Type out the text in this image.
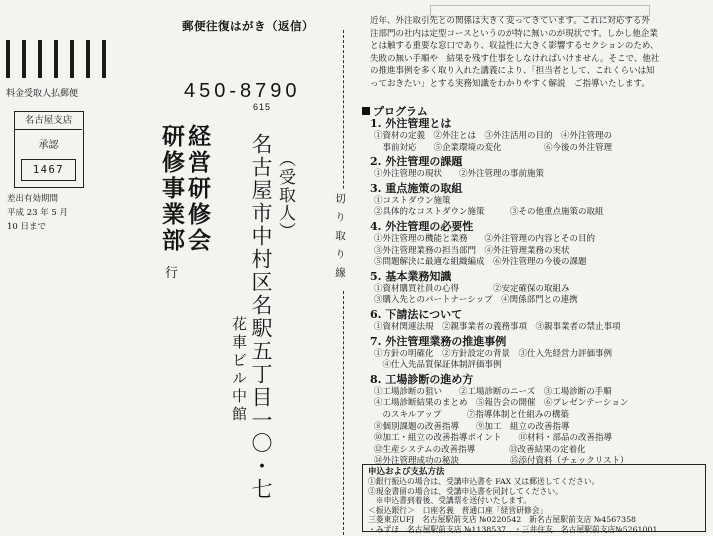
郵便往復はがき（返信）
料金受取人払郵便
名古屋支店
承認
1467
差出有効期間
平成 23 年 5 月
10 日まで
450-8790
615
経営研修会
研修事業部
行
（受取人）
名古屋市中村区名駅五丁目一〇・七
花車ビル中館
切り取り線

近年、外注取引先との関係は大きく変ってきています。これに対応する外

注部門の社内は定型コースというのが特に無いのが現状です。しかし他企業

とは触する重要な窓口であり、収益性に大きく影響するセクションのため、

失敗の無い手順や　結果を残す仕事をしなければいけません。そこで、他社

の推進事例を多く取り入れた講義により、「担当者として、これくらいは知

っておきたい」とする実務知識をわかりやすく解説　ご指導いたします。

プログラム
1. 外注管理とは
①資材の定義　②外注とは　③外注活用の目的　④外注管理の
　事前対応　　⑤企業環境の変化　　　　　⑥今後の外注管理
2. 外注管理の課題
①外注管理の現状　　②外注管理の事前施策
3. 重点施策の取組
①コストダウン施策
②具体的なコストダウン施策　　　③その他重点施策の取組
4. 外注管理の必要性
①外注管理の機能と業務　　②外注管理の内容とその目的
③外注管理業務の担当部門　④外注管理業務の実状
⑤問題解決に最適な組織編成　⑥外注管理の今後の課題
5. 基本業務知識
①資材購買社員の心得　　　　②安定確保の取組み
③購入先とのパートナーシップ　④関係部門との連携
6. 下請法について
①資材関連法規　②親事業者の義務事項　③親事業者の禁止事項
7. 外注管理業務の推進事例
①方針の明確化　②方針設定の背景　③仕入先経営力評価事例
　④仕入先品質保証体制評価事例
8. 工場診断の進め方
①工場診断の狙い　　②工場診断のニーズ　③工場診断の手順
④工場診断結果のまとめ　⑤報告会の開催　⑥プレゼンテーション
　のスキルアップ　　　⑦指導体制と仕組みの構築
⑧個別課題の改善指導　　⑨加工　組立の改善指導
⑩加工・組立の改善指導ポイント　　⑪材料・部品の改善指導
⑫生産システムの改善指導　　　　⑬改善結果の定着化
⑭外注管理成功の秘訣　　　　　　⑮添付資料（チェックリスト）
申込および支払方法
①銀行振込の場合は、受講申込書を FAX 又は郵送してください。
②現金書留の場合は、受講申込書を同封してください。
　※申込書到着後、受講票を送付いたします。
＜振込銀行＞　口座名義　普通口座「経営研修会」
三菱東京UFJ　名古屋駅前支店 №0220542　新名古屋駅前支店 №4567358
・みずほ　名古屋駅前支店 №1138537　・三井住友　名古屋駅前支店№5261001
